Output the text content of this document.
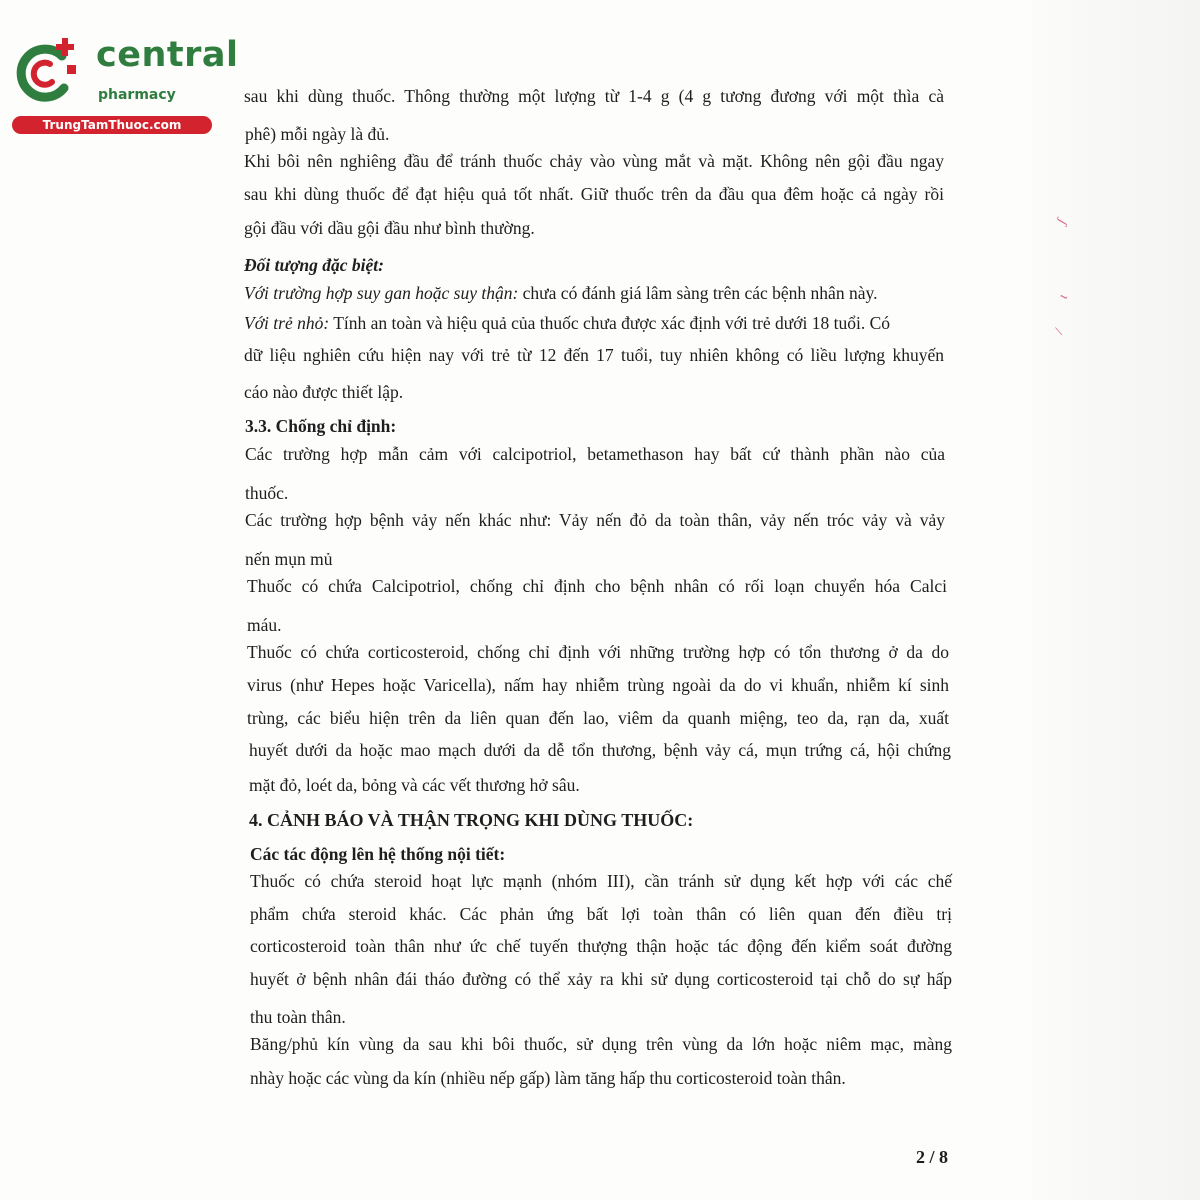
ʃ
ɩ
/
central
pharmacy
TrungTamThuoc.com
sau khi dùng thuốc. Thông thường một lượng từ 1-4 g (4 g tương đương với một thìa cà
phê) mỗi ngày là đủ.
Khi bôi nên nghiêng đầu để tránh thuốc chảy vào vùng mắt và mặt. Không nên gội đầu ngay
sau khi dùng thuốc để đạt hiệu quả tốt nhất. Giữ thuốc trên da đầu qua đêm hoặc cả ngày rồi
gội đầu với dầu gội đầu như bình thường.
Đối tượng đặc biệt:
Với trường hợp suy gan hoặc suy thận: chưa có đánh giá lâm sàng trên các bệnh nhân này.
Với trẻ nhỏ: Tính an toàn và hiệu quả của thuốc chưa được xác định với trẻ dưới 18 tuổi. Có
dữ liệu nghiên cứu hiện nay với trẻ từ 12 đến 17 tuổi, tuy nhiên không có liều lượng khuyến
cáo nào được thiết lập.
3.3. Chống chỉ định:
Các trường hợp mẫn cảm với calcipotriol, betamethason hay bất cứ thành phần nào của
thuốc.
Các trường hợp bệnh vảy nến khác như: Vảy nến đỏ da toàn thân, vảy nến tróc vảy và vảy
nến mụn mủ
Thuốc có chứa Calcipotriol, chống chỉ định cho bệnh nhân có rối loạn chuyển hóa Calci
máu.
Thuốc có chứa corticosteroid, chống chỉ định với những trường hợp có tổn thương ở da do
virus (như Hepes hoặc Varicella), nấm hay nhiễm trùng ngoài da do vi khuẩn, nhiễm kí sinh
trùng, các biểu hiện trên da liên quan đến lao, viêm da quanh miệng, teo da, rạn da, xuất
huyết dưới da hoặc mao mạch dưới da dễ tổn thương, bệnh vảy cá, mụn trứng cá, hội chứng
mặt đỏ, loét da, bỏng và các vết thương hở sâu.
4. CẢNH BÁO VÀ THẬN TRỌNG KHI DÙNG THUỐC:
Các tác động lên hệ thống nội tiết:
Thuốc có chứa steroid hoạt lực mạnh (nhóm III), cần tránh sử dụng kết hợp với các chế
phẩm chứa steroid khác. Các phản ứng bất lợi toàn thân có liên quan đến điều trị
corticosteroid toàn thân như ức chế tuyến thượng thận hoặc tác động đến kiểm soát đường
huyết ở bệnh nhân đái tháo đường có thể xảy ra khi sử dụng corticosteroid tại chỗ do sự hấp
thu toàn thân.
Băng/phủ kín vùng da sau khi bôi thuốc, sử dụng trên vùng da lớn hoặc niêm mạc, màng
nhày hoặc các vùng da kín (nhiều nếp gấp) làm tăng hấp thu corticosteroid toàn thân.
2 / 8
